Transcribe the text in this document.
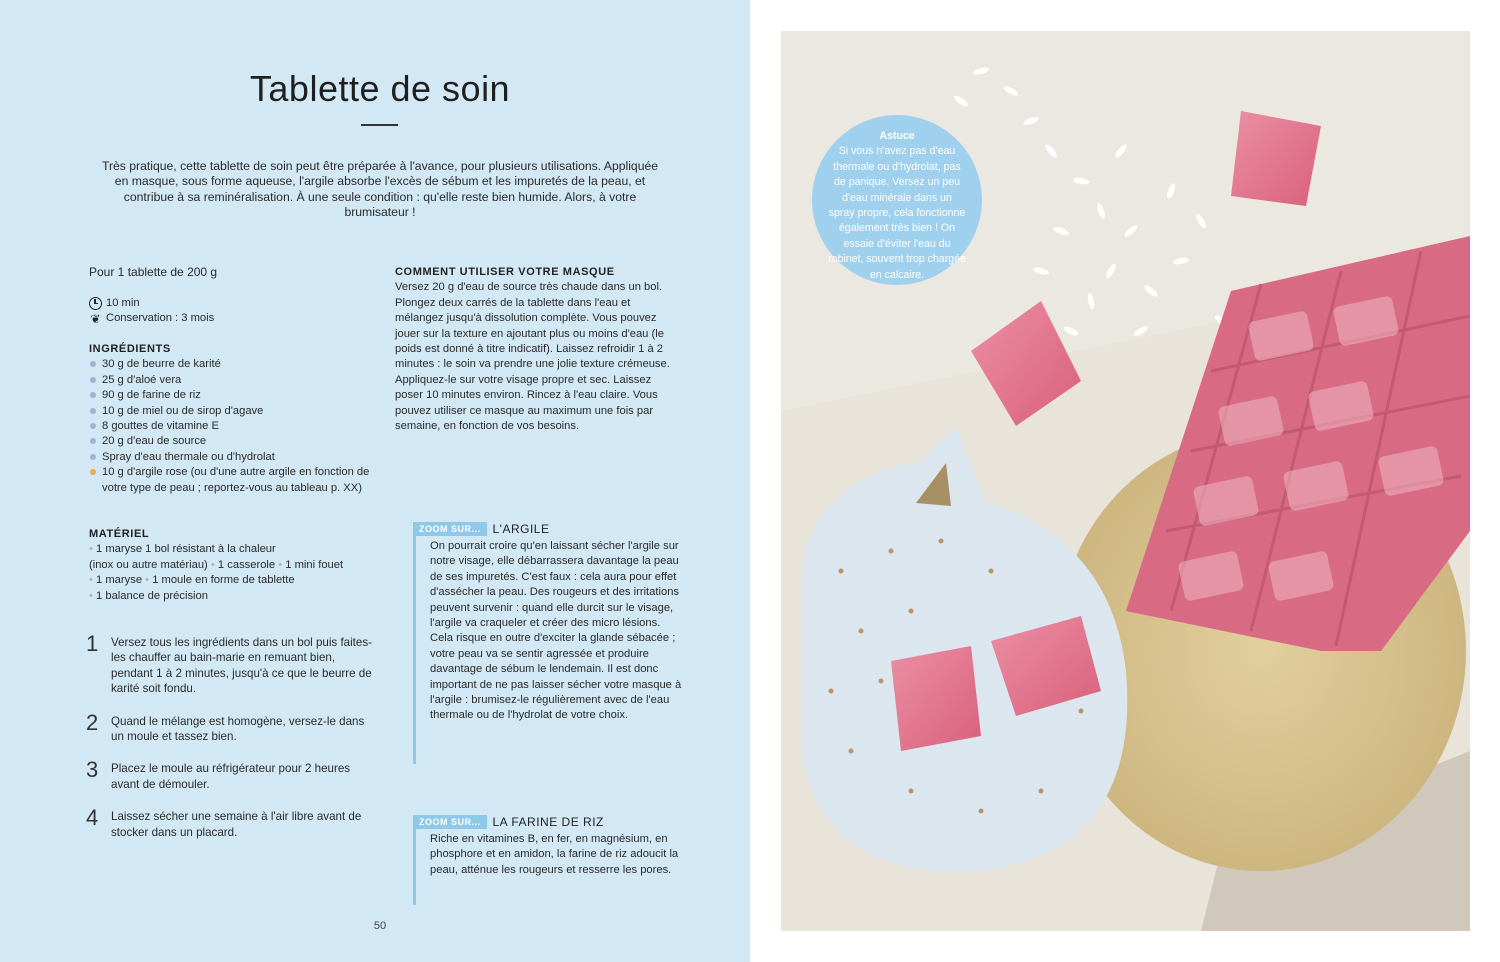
Tablette de soin

Très pratique, cette tablette de soin peut être préparée à l'avance, pour plusieurs utilisations. Appliquée en masque, sous forme aqueuse, l'argile absorbe l'excès de sébum et les impuretés de la peau, et contribue à sa reminéralisation. À une seule condition : qu'elle reste bien humide. Alors, à votre brumisateur !

Pour 1 tablette de 200 g
10 min
❦ Conservation : 3 mois
INGRÉDIENTS
30 g de beurre de karité
25 g d'aloé vera
90 g de farine de riz
10 g de miel ou de sirop d'agave
8 gouttes de vitamine E
20 g d'eau de source
Spray d'eau thermale ou d'hydrolat
10 g d'argile rose (ou d'une autre argile en fonction de votre type de peau ; reportez-vous au tableau p. XX)
MATÉRIEL
• 1 maryse 1 bol résistant à la chaleur
(inox ou autre matériau) • 1 casserole • 1 mini fouet
• 1 maryse • 1 moule en forme de tablette
• 1 balance de précision
1	Versez tous les ingrédients dans un bol puis faites-les chauffer au bain-marie en remuant bien, pendant 1 à 2 minutes, jusqu'à ce que le beurre de karité soit fondu.
2	Quand le mélange est homogène, versez-le dans un moule et tassez bien.
3	Placez le moule au réfrigérateur pour 2 heures avant de démouler.
4	Laissez sécher une semaine à l'air libre avant de stocker dans un placard.
COMMENT UTILISER VOTRE MASQUE
Versez 20 g d'eau de source très chaude dans un bol. Plongez deux carrés de la tablette dans l'eau et mélangez jusqu'à dissolution complète. Vous pouvez jouer sur la texture en ajoutant plus ou moins d'eau (le poids est donné à titre indicatif). Laissez refroidir 1 à 2 minutes : le soin va prendre une jolie texture crémeuse. Appliquez-le sur votre visage propre et sec. Laissez poser 10 minutes environ. Rincez à l'eau claire. Vous pouvez utiliser ce masque au maximum une fois par semaine, en fonction de vos besoins.
ZOOM SUR...	L'ARGILE
On pourrait croire qu'en laissant sécher l'argile sur notre visage, elle débarrassera davantage la peau de ses impuretés. C'est faux : cela aura pour effet d'assécher la peau. Des rougeurs et des irritations peuvent survenir : quand elle durcit sur le visage, l'argile va craqueler et créer des micro lésions. Cela risque en outre d'exciter la glande sébacée ; votre peau va se sentir agressée et produire davantage de sébum le lendemain. Il est donc important de ne pas laisser sécher votre masque à l'argile : brumisez-le régulièrement avec de l'eau thermale ou de l'hydrolat de votre choix.
ZOOM SUR...	LA FARINE DE RIZ
Riche en vitamines B, en fer, en magnésium, en phosphore et en amidon, la farine de riz adoucit la peau, atténue les rougeurs et resserre les pores.
50
Astuce
Si vous n'avez pas d'eau thermale ou d'hydrolat, pas de panique. Versez un peu d'eau minérale dans un spray propre, cela fonctionne également très bien ! On essaie d'éviter l'eau du robinet, souvent trop chargée en calcaire.
